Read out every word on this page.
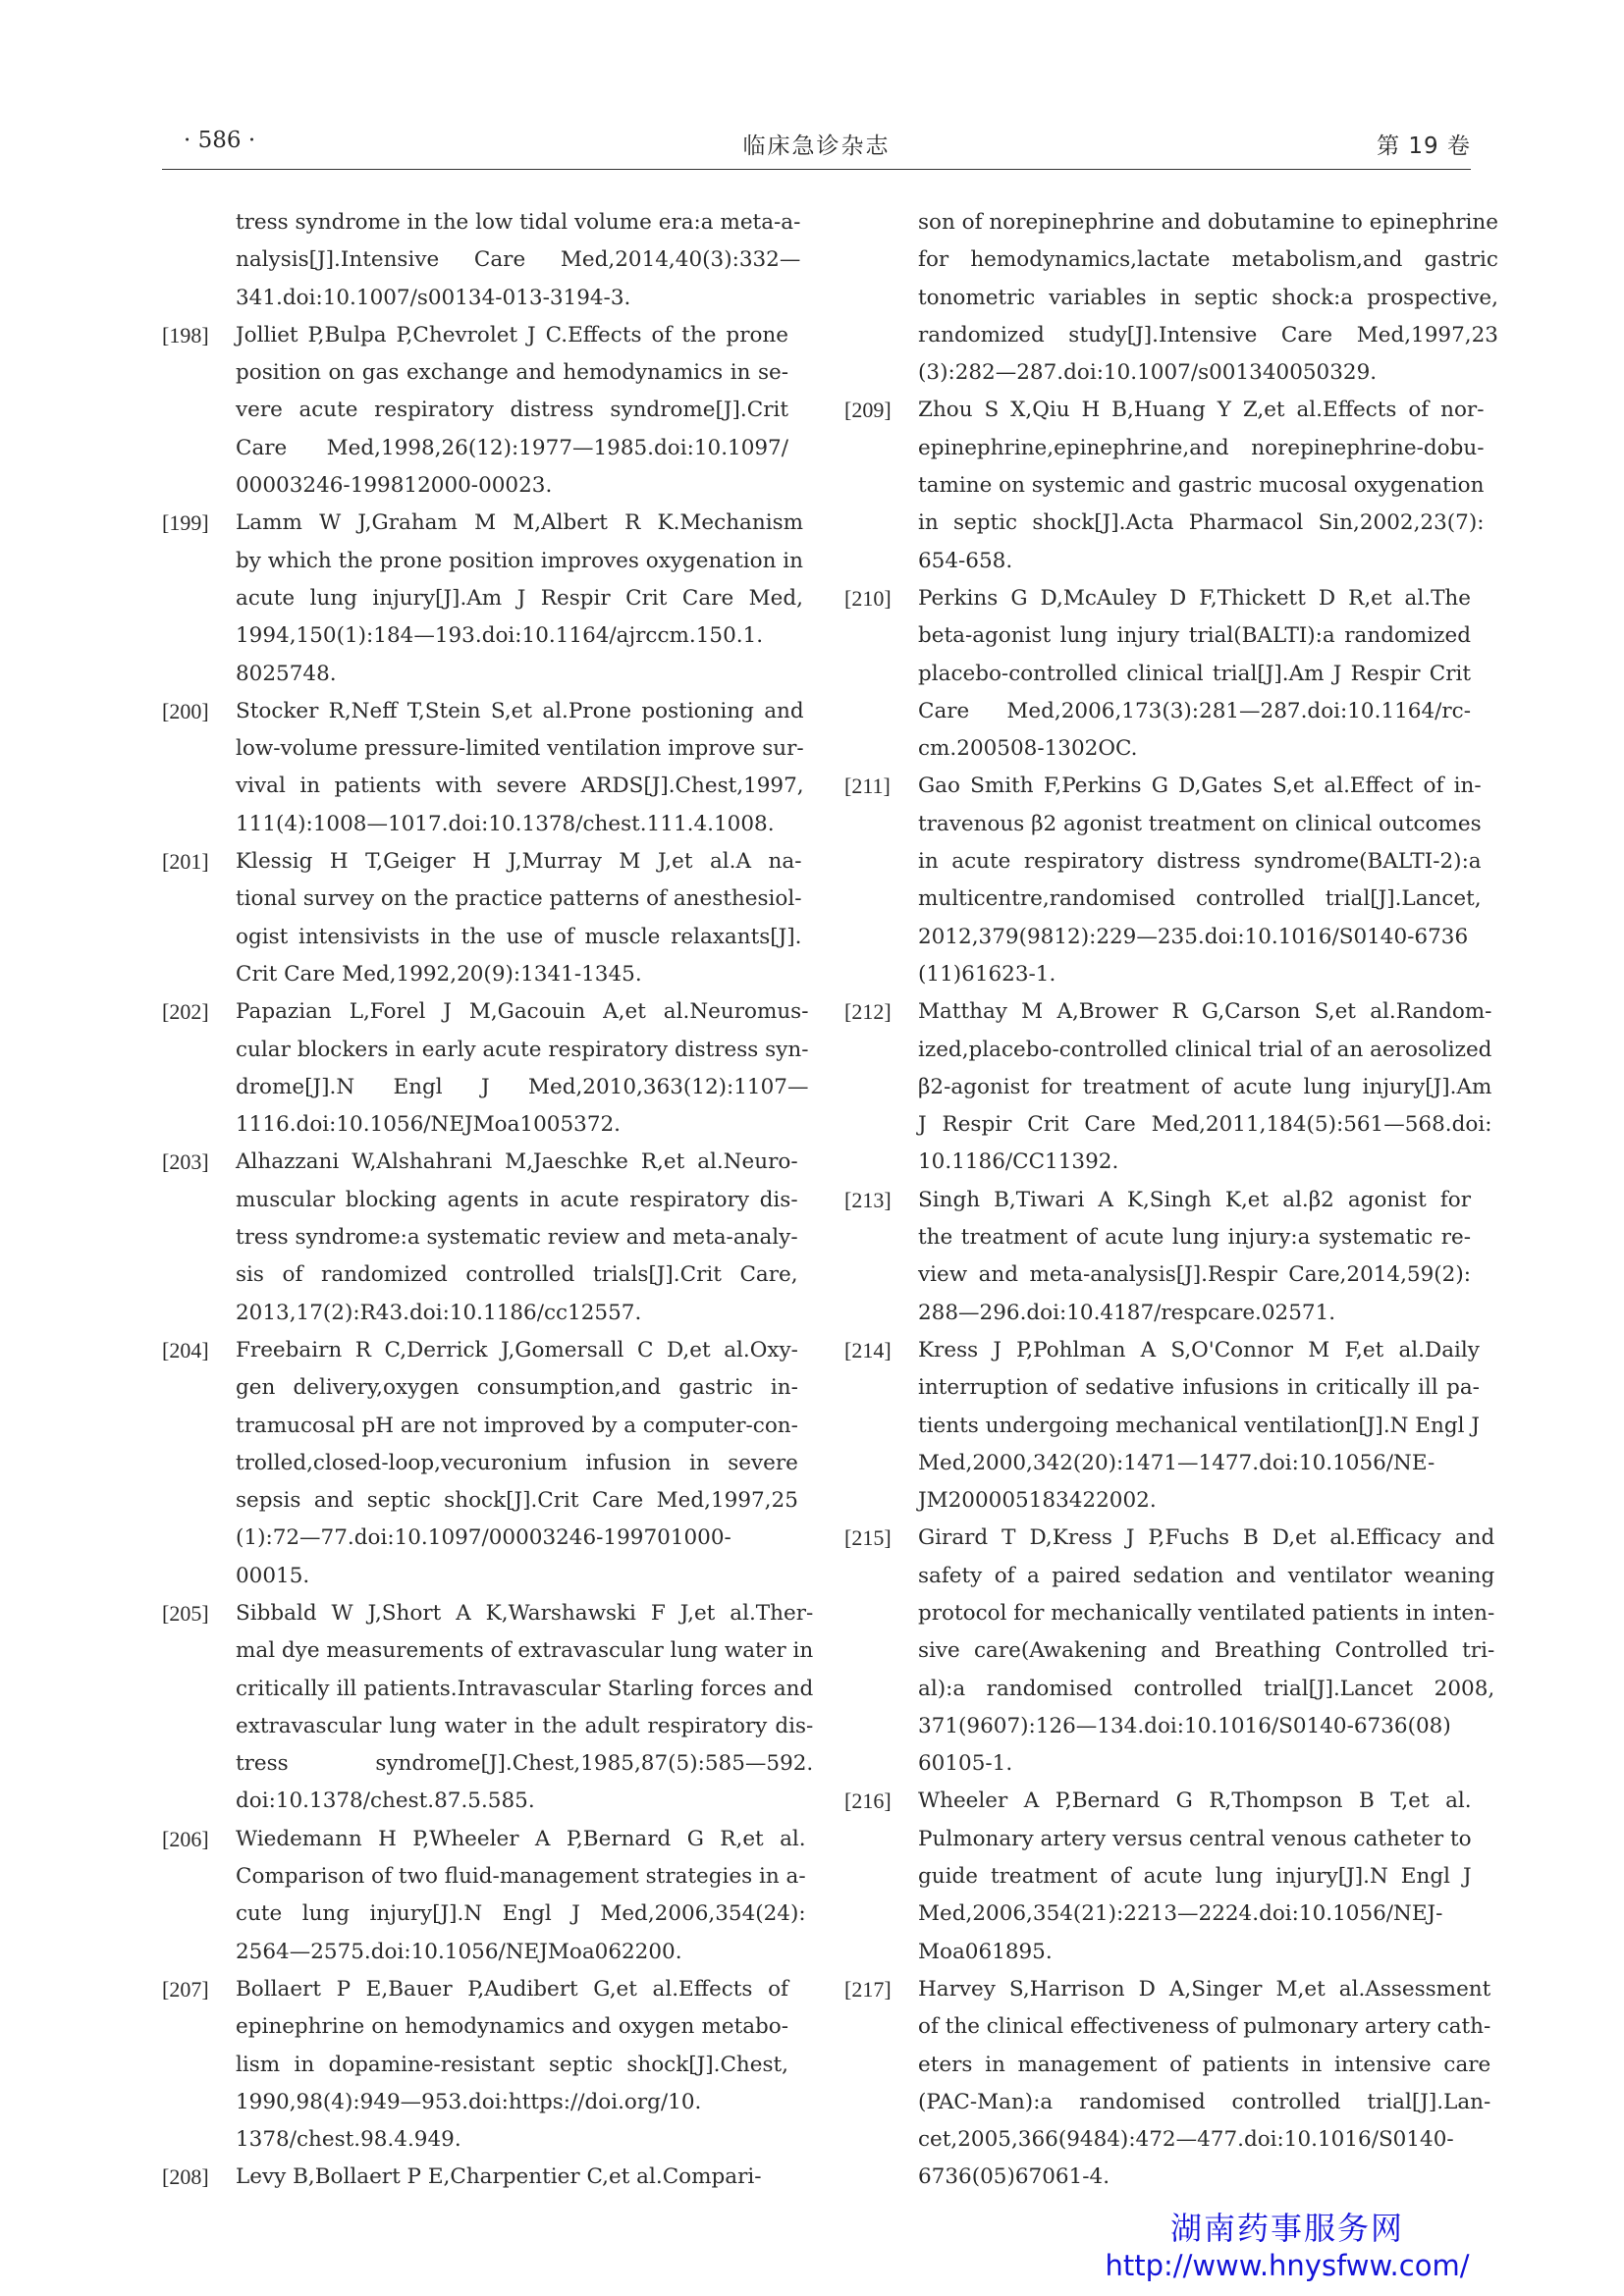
· 586 ·	临床急诊杂志	第 19 卷
tress syndrome in the low tidal volume era:a meta-a-
nalysis[J].Intensive Care Med,2014,40(3):332—
341.doi:10.1007/s00134-013-3194-3.
[198]	Jolliet P,Bulpa P,Chevrolet J C.Effects of the prone
position on gas exchange and hemodynamics in se-
vere acute respiratory distress syndrome[J].Crit
Care Med,1998,26(12):1977—1985.doi:10.1097/
00003246-199812000-00023.
[199]	Lamm W J,Graham M M,Albert R K.Mechanism
by which the prone position improves oxygenation in
acute lung injury[J].Am J Respir Crit Care Med,
1994,150(1):184—193.doi:10.1164/ajrccm.150.1.
8025748.
[200]	Stocker R,Neff T,Stein S,et al.Prone postioning and
low-volume pressure-limited ventilation improve sur-
vival in patients with severe ARDS[J].Chest,1997,
111(4):1008—1017.doi:10.1378/chest.111.4.1008.
[201]	Klessig H T,Geiger H J,Murray M J,et al.A na-
tional survey on the practice patterns of anesthesiol-
ogist intensivists in the use of muscle relaxants[J].
Crit Care Med,1992,20(9):1341-1345.
[202]	Papazian L,Forel J M,Gacouin A,et al.Neuromus-
cular blockers in early acute respiratory distress syn-
drome[J].N Engl J Med,2010,363(12):1107—
1116.doi:10.1056/NEJMoa1005372.
[203]	Alhazzani W,Alshahrani M,Jaeschke R,et al.Neuro-
muscular blocking agents in acute respiratory dis-
tress syndrome:a systematic review and meta-analy-
sis of randomized controlled trials[J].Crit Care,
2013,17(2):R43.doi:10.1186/cc12557.
[204]	Freebairn R C,Derrick J,Gomersall C D,et al.Oxy-
gen delivery,oxygen consumption,and gastric in-
tramucosal pH are not improved by a computer-con-
trolled,closed-loop,vecuronium infusion in severe
sepsis and septic shock[J].Crit Care Med,1997,25
(1):72—77.doi:10.1097/00003246-199701000-
00015.
[205]	Sibbald W J,Short A K,Warshawski F J,et al.Ther-
mal dye measurements of extravascular lung water in
critically ill patients.Intravascular Starling forces and
extravascular lung water in the adult respiratory dis-
tress syndrome[J].Chest,1985,87(5):585—592.
doi:10.1378/chest.87.5.585.
[206]	Wiedemann H P,Wheeler A P,Bernard G R,et al.
Comparison of two fluid-management strategies in a-
cute lung injury[J].N Engl J Med,2006,354(24):
2564—2575.doi:10.1056/NEJMoa062200.
[207]	Bollaert P E,Bauer P,Audibert G,et al.Effects of
epinephrine on hemodynamics and oxygen metabo-
lism in dopamine-resistant septic shock[J].Chest,
1990,98(4):949—953.doi:https://doi.org/10.
1378/chest.98.4.949.
[208]	Levy B,Bollaert P E,Charpentier C,et al.Compari-
son of norepinephrine and dobutamine to epinephrine
for hemodynamics,lactate metabolism,and gastric
tonometric variables in septic shock:a prospective,
randomized study[J].Intensive Care Med,1997,23
(3):282—287.doi:10.1007/s001340050329.
[209]	Zhou S X,Qiu H B,Huang Y Z,et al.Effects of nor-
epinephrine,epinephrine,and norepinephrine-dobu-
tamine on systemic and gastric mucosal oxygenation
in septic shock[J].Acta Pharmacol Sin,2002,23(7):
654-658.
[210]	Perkins G D,McAuley D F,Thickett D R,et al.The
beta-agonist lung injury trial(BALTI):a randomized
placebo-controlled clinical trial[J].Am J Respir Crit
Care Med,2006,173(3):281—287.doi:10.1164/rc-
cm.200508-1302OC.
[211]	Gao Smith F,Perkins G D,Gates S,et al.Effect of in-
travenous β2 agonist treatment on clinical outcomes
in acute respiratory distress syndrome(BALTI-2):a
multicentre,randomised controlled trial[J].Lancet,
2012,379(9812):229—235.doi:10.1016/S0140-6736
(11)61623-1.
[212]	Matthay M A,Brower R G,Carson S,et al.Random-
ized,placebo-controlled clinical trial of an aerosolized
β2-agonist for treatment of acute lung injury[J].Am
J Respir Crit Care Med,2011,184(5):561—568.doi:
10.1186/CC11392.
[213]	Singh B,Tiwari A K,Singh K,et al.β2 agonist for
the treatment of acute lung injury:a systematic re-
view and meta-analysis[J].Respir Care,2014,59(2):
288—296.doi:10.4187/respcare.02571.
[214]	Kress J P,Pohlman A S,O'Connor M F,et al.Daily
interruption of sedative infusions in critically ill pa-
tients undergoing mechanical ventilation[J].N Engl J
Med,2000,342(20):1471—1477.doi:10.1056/NE-
JM200005183422002.
[215]	Girard T D,Kress J P,Fuchs B D,et al.Efficacy and
safety of a paired sedation and ventilator weaning
protocol for mechanically ventilated patients in inten-
sive care(Awakening and Breathing Controlled tri-
al):a randomised controlled trial[J].Lancet 2008,
371(9607):126—134.doi:10.1016/S0140-6736(08)
60105-1.
[216]	Wheeler A P,Bernard G R,Thompson B T,et al.
Pulmonary artery versus central venous catheter to
guide treatment of acute lung injury[J].N Engl J
Med,2006,354(21):2213—2224.doi:10.1056/NEJ-
Moa061895.
[217]	Harvey S,Harrison D A,Singer M,et al.Assessment
of the clinical effectiveness of pulmonary artery cath-
eters in management of patients in intensive care
(PAC-Man):a randomised controlled trial[J].Lan-
cet,2005,366(9484):472—477.doi:10.1016/S0140-
6736(05)67061-4.
湖南药事服务网
http://www.hnysfww.com/
